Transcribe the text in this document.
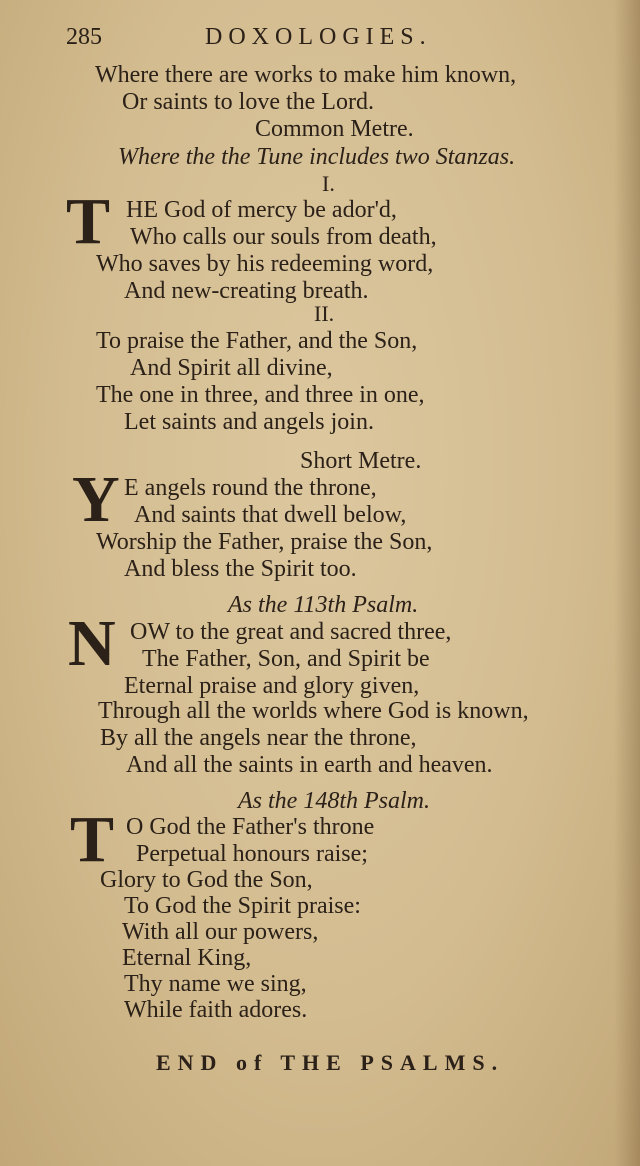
285	DOXOLOGIES.
Where there are works to make him known,
Or saints to love the Lord.
Common Metre.
Where the the Tune includes two Stanzas.
I.
T HE God of mercy be ador'd,
Who calls our souls from death,
Who saves by his redeeming word,
And new-creating breath.
II.
To praise the Father, and the Son,
And Spirit all divine,
The one in three, and three in one,
Let saints and angels join.
Short Metre.
Y E angels round the throne,
And saints that dwell below,
Worship the Father, praise the Son,
And bless the Spirit too.
As the 113th Psalm.
N OW to the great and sacred three,
The Father, Son, and Spirit be
Eternal praise and glory given,
Through all the worlds where God is known,
By all the angels near the throne,
And all the saints in earth and heaven.
As the 148th Psalm.
T O God the Father's throne
Perpetual honours raise;
Glory to God the Son,
To God the Spirit praise:
With all our powers,
Eternal King,
Thy name we sing,
While faith adores.
END of THE PSALMS.
